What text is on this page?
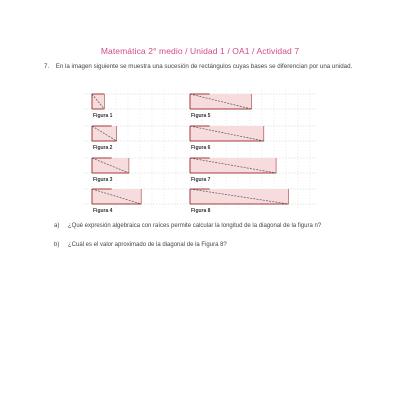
Matemática 2° medio / Unidad 1 / OA1 / Actividad 7
7. En la imagen siguiente se muestra una sucesión de rectángulos cuyas bases se diferencian por una unidad.
Figura 1
Figura 2
Figura 3
Figura 4
Figura 5
Figura 6
Figura 7
Figura 8
a)	¿Qué expresión algebraica con raíces permite calcular la longitud de la diagonal de la figura n?
b)	¿Cuál es el valor aproximado de la diagonal de la Figura 8?
